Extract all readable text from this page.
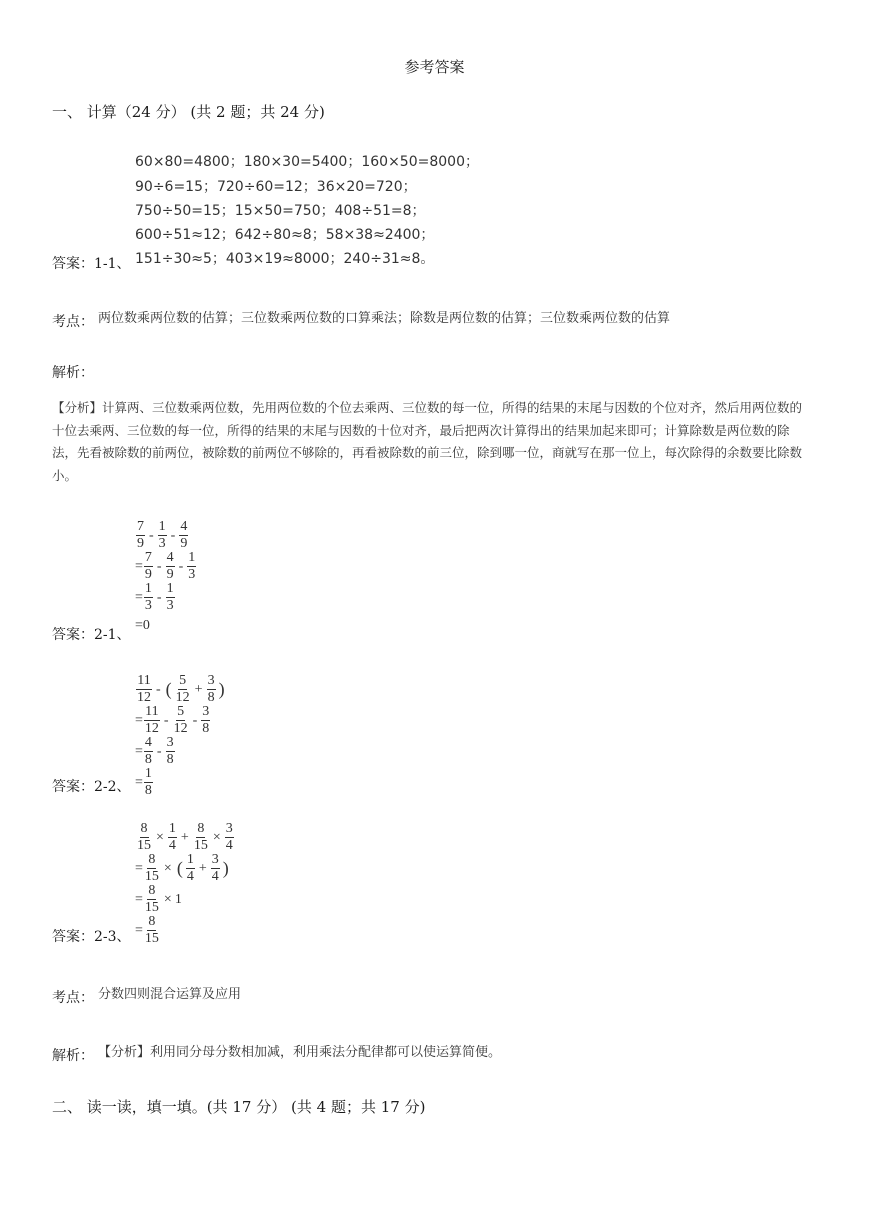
参考答案
一、 计算（24 分） (共 2 题；共 24 分)
60×80=4800；180×30=5400；160×50=8000；
90÷6=15；720÷60=12；36×20=720；
750÷50=15；15×50=750；408÷51=8；
600÷51≈12；642÷80≈8；58×38≈2400；
151÷30≈5；403×19≈8000；240÷31≈8。
答案：1-1、
考点： 两位数乘两位数的估算；三位数乘两位数的口算乘法；除数是两位数的估算；三位数乘两位数的估算
解析：
【分析】计算两、三位数乘两位数，先用两位数的个位去乘两、三位数的每一位，所得的结果的末尾与因数的个位对齐，然后用两位数的十位去乘两、三位数的每一位，所得的结果的末尾与因数的十位对齐，最后把两次计算得出的结果加起来即可；计算除数是两位数的除法，先看被除数的前两位，被除数的前两位不够除的，再看被除数的前三位，除到哪一位，商就写在那一位上，每次除得的余数要比除数小。
$\frac{7}{9} - \frac{1}{3} - \frac{4}{9}$
= $\frac{7}{9} - \frac{4}{9} - \frac{1}{3}$
= $\frac{1}{3} - \frac{1}{3}$
=0
答案：2-1、
$\frac{11}{12}$ - ( $\frac{5}{12} + \frac{3}{8}$ )
= $\frac{11}{12} - \frac{5}{12} - \frac{3}{8}$
= $\frac{4}{8} - \frac{3}{8}$
= $\frac{1}{8}$
答案：2-2、
$\frac{8}{15} \times \frac{1}{4} + \frac{8}{15} \times \frac{3}{4}$
= $\frac{8}{15}$ × ( $\frac{1}{4} + \frac{3}{4}$ )
= $\frac{8}{15} \times 1$
= $\frac{8}{15}$
答案：2-3、
考点： 分数四则混合运算及应用
解析： 【分析】利用同分母分数相加减，利用乘法分配律都可以使运算简便。
二、 读一读，填一填。(共 17 分） (共 4 题；共 17 分)
